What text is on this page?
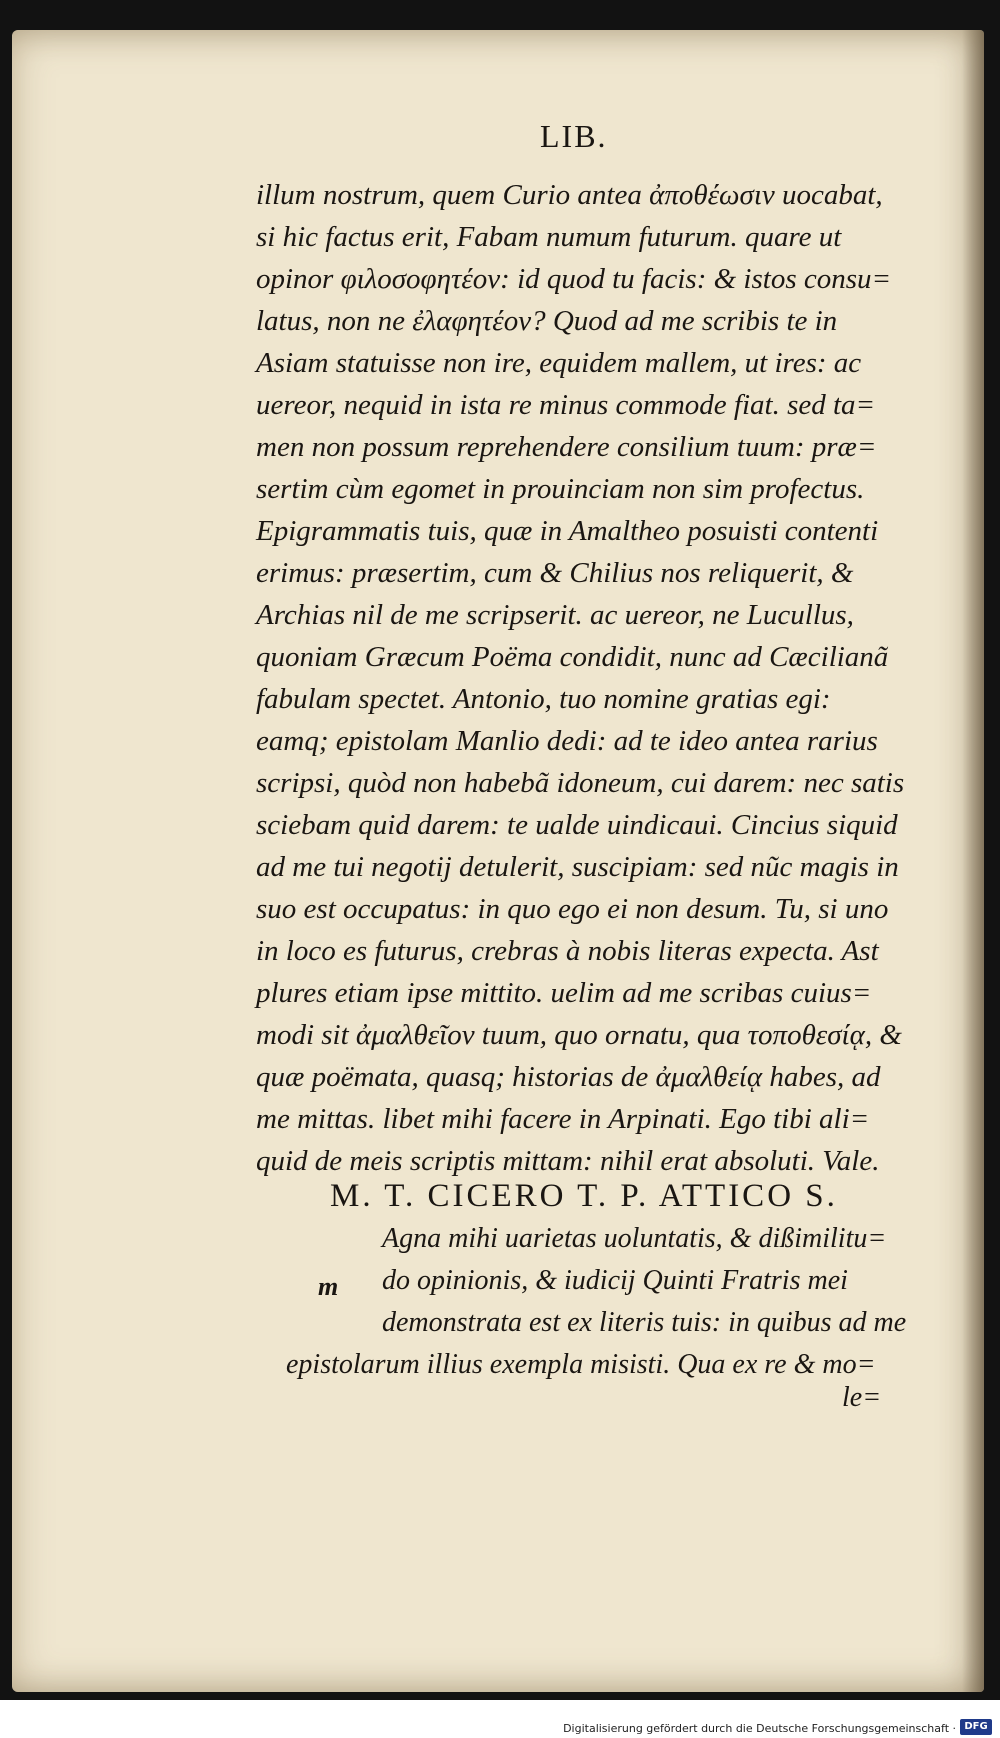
LIB.
illum nostrum, quem Curio antea ἀποθέωσιν uocabat,
si hic factus erit, Fabam numum futurum. quare ut
opinor φιλοσοφητέον: id quod tu facis: & istos consu=
latus, non ne ἐλαφητέον? Quod ad me scribis te in
Asiam statuisse non ire, equidem mallem, ut ires: ac
uereor, nequid in ista re minus commode fiat. sed ta=
men non possum reprehendere consilium tuum: præ=
sertim cùm egomet in prouinciam non sim profectus.
Epigrammatis tuis, quæ in Amaltheo posuisti contenti
erimus: præsertim, cum & Chilius nos reliquerit, &
Archias nil de me scripserit. ac uereor, ne Lucullus,
quoniam Græcum Poëma condidit, nunc ad Cæcilianã
fabulam spectet. Antonio, tuo nomine gratias egi:
eamq; epistolam Manlio dedi: ad te ideo antea rarius
scripsi, quòd non habebã idoneum, cui darem: nec satis
sciebam quid darem: te ualde uindicaui. Cincius siquid
ad me tui negotij detulerit, suscipiam: sed nũc magis in
suo est occupatus: in quo ego ei non desum. Tu, si uno
in loco es futurus, crebras à nobis literas expecta. Ast
plures etiam ipse mittito. uelim ad me scribas cuius=
modi sit ἀμαλθεῖον tuum, quo ornatu, qua τοποθεσίᾳ, &
quæ poëmata, quasq; historias de ἀμαλθείᾳ habes, ad
me mittas. libet mihi facere in Arpinati. Ego tibi ali=
quid de meis scriptis mittam: nihil erat absoluti. Vale.
M. T. CICERO T. P. ATTICO S.
m
Agna mihi uarietas uoluntatis, & dißimilitu=
do opinionis, & iudicij Quinti Fratris mei
demonstrata est ex literis tuis: in quibus ad me
epistolarum illius exempla misisti. Qua ex re & mo=
le=
Digitalisierung gefördert durch die Deutsche Forschungsgemeinschaft · DFG
